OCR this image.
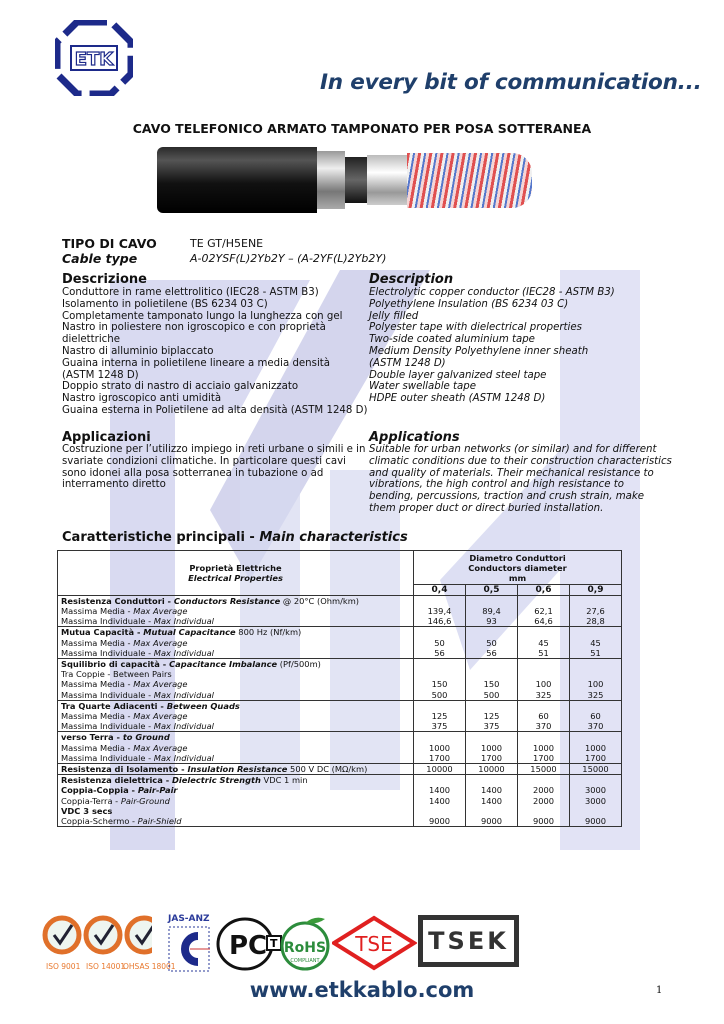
ETK
In every bit of communication...
CAVO TELEFONICO ARMATO TAMPONATO PER POSA SOTTERANEA
TIPO DI CAVO	TE GT/H5ENE
Cable type	A-02YSF(L)2Yb2Y – (A-2YF(L)2Yb2Y)
Descrizione	Description
Conduttore in rame elettrolitico (IEC28 - ASTM B3)
Isolamento in polietilene (BS 6234 03 C)
Completamente tamponato lungo la lunghezza con gel
Nastro in poliestere non igroscopico e con proprietà
dielettriche
Nastro di alluminio biplaccato
Guaina interna in polietilene lineare a media densità
(ASTM 1248 D)
Doppio strato di nastro di acciaio galvanizzato
Nastro igroscopico anti umidità
Guaina esterna in Polietilene ad alta densità (ASTM 1248 D)
Electrolytic copper conductor (IEC28 - ASTM B3)
Polyethylene Insulation (BS 6234 03 C)
Jelly filled
Polyester tape with dielectrical properties
Two-side coated aluminium tape
Medium Density Polyethylene inner sheath
(ASTM 1248 D)
Double layer galvanized steel tape
Water swellable tape
HDPE outer sheath (ASTM 1248 D)
Applicazioni	Applications
Costruzione per l’utilizzo impiego in reti urbane o simili e in
svariate condizioni climatiche. In particolare questi cavi
sono idonei alla posa sotterranea in tubazione o ad
interramento diretto
Suitable for urban networks (or similar) and for different
climatic conditions due to their construction characteristics
and quality of materials. Their mechanical resistance to
vibrations, the high control and high resistance to
bending, percussions, traction and crush strain, make
them proper duct or direct buried installation.
Caratteristiche principali - Main characteristics
Proprietà Elettriche
Electrical Properties	Diametro Conduttori
Conductors diameter
mm			
	0,4	0,5	0,6	0,9
Resistenza Conduttori - Conductors Resistance @ 20°C (Ohm/km)				
Massima Media - Max Average	139,4	89,4	62,1	27,6
Massima Individuale - Max Individual	146,6	93	64,6	28,8
Mutua Capacità - Mutual Capacitance 800 Hz (Nf/km)				
Massima Media - Max Average	50	50	45	45
Massima Individuale - Max Individual	56	56	51	51
Squilibrio di capacità - Capacitance Imbalance (Pf/500m)				
Tra Coppie - Between Pairs				
Massima Media - Max Average	150	150	100	100
Massima Individuale - Max Individual	500	500	325	325
Tra Quarte Adiacenti - Between Quads				
Massima Media - Max Average	125	125	60	60
Massima Individuale - Max Individual	375	375	370	370
verso Terra - to Ground				
Massima Media - Max Average	1000	1000	1000	1000
Massima Individuale - Max Individual	1700	1700	1700	1700
Resistenza di Isolamento - Insulation Resistance 500 V DC (MΩ/km)	10000	10000	15000	15000
Resistenza dielettrica - Dielectric Strength VDC 1 min				
Coppia-Coppia - Pair-Pair	1400	1400	2000	3000
Coppia-Terra - Pair-Ground	1400	1400	2000	3000
VDC 3 secs				
Coppia-Schermo - Pair-Shield	9000	9000	9000	9000
ISO 9001 ISO 14001
OHSAS 18001
JAS-ANZ
PC T RoHS
COMPLIANT
TSE	TSEK
www.etkkablo.com	1
